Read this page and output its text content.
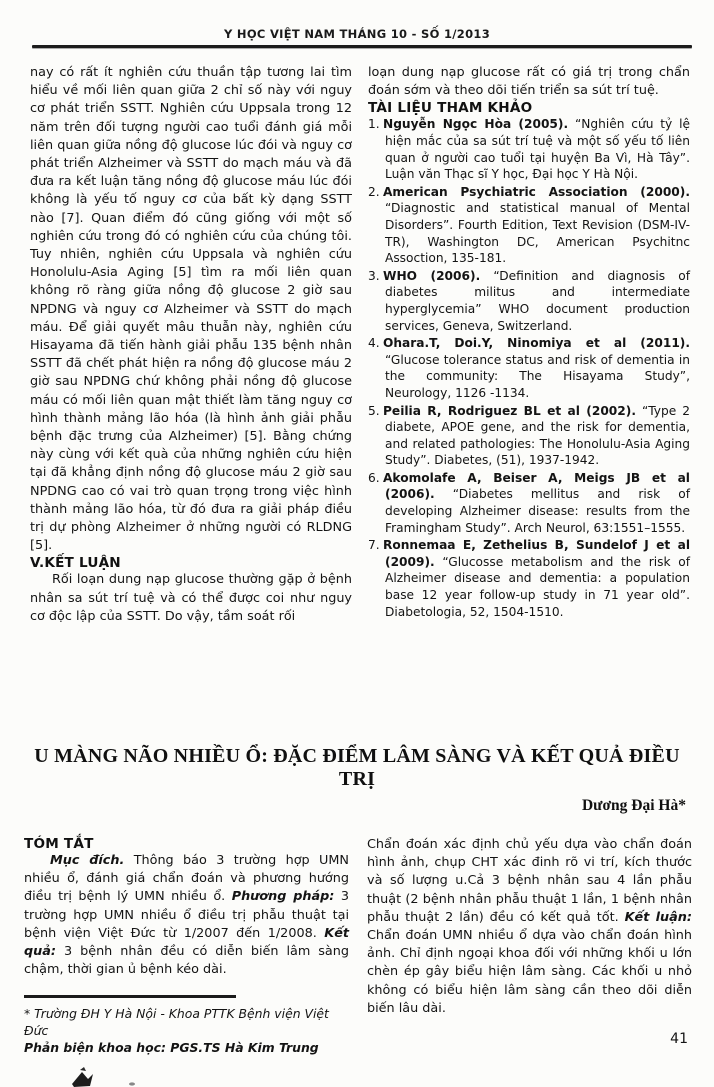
Y HỌC VIỆT NAM THÁNG 10 - SỐ 1/2013

nay có rất ít nghiên cứu thuần tập tương lai tìm hiểu về mối liên quan giữa 2 chỉ số này với nguy cơ phát triển SSTT. Nghiên cứu Uppsala trong 12 năm trên đối tượng người cao tuổi đánh giá mỗi liên quan giữa nồng độ glucose lúc đói và nguy cơ phát triển Alzheimer và SSTT do mạch máu và đã đưa ra kết luận tăng nồng độ glucose máu lúc đói không là yếu tố nguy cơ của bất kỳ dạng SSTT nào [7]. Quan điểm đó cũng giống với một số nghiên cứu trong đó có nghiên cứu của chúng tôi. Tuy nhiên, nghiên cứu Uppsala và nghiên cứu Honolulu-Asia Aging [5] tìm ra mối liên quan không rõ ràng giữa nồng độ glucose 2 giờ sau NPDNG và nguy cơ Alzheimer và SSTT do mạch máu. Để giải quyết mâu thuẫn này, nghiên cứu Hisayama đã tiến hành giải phẫu 135 bệnh nhân SSTT đã chết phát hiện ra nồng độ glucose máu 2 giờ sau NPDNG chứ không phải nồng độ glucose máu có mối liên quan mật thiết làm tăng nguy cơ hình thành mảng lão hóa (là hình ảnh giải phẫu bệnh đặc trưng của Alzheimer) [5]. Bằng chứng này cùng với kết quà của những nghiên cứu hiện tại đã khẳng định nồng độ glucose máu 2 giờ sau NPDNG cao có vai trò quan trọng trong việc hình thành mảng lão hóa, từ đó đưa ra giải pháp điều trị dự phòng Alzheimer ở những người có RLDNG [5].

V.KẾT LUẬN

Rối loạn dung nạp glucose thường gặp ở bệnh nhân sa sút trí tuệ và có thể được coi như nguy cơ độc lập của SSTT. Do vậy, tầm soát rối

loạn dung nạp glucose rất có giá trị trong chẩn đoán sớm và theo dõi tiến triển sa sút trí tuệ.

TÀI LIỆU THAM KHẢO
1. Nguyễn Ngọc Hòa (2005). “Nghiên cứu tỷ lệ hiện mắc của sa sút trí tuệ và một số yếu tố liên quan ở người cao tuổi tại huyện Ba Vì, Hà Tây”. Luận văn Thạc sĩ Y học, Đại học Y Hà Nội.
2. American Psychiatric Association (2000). “Diagnostic and statistical manual of Mental Disorders”. Fourth Edition, Text Revision (DSM-IV-TR), Washington DC, American Psychitnc Assoction, 135-181.
3. WHO (2006). “Definition and diagnosis of diabetes militus and intermediate hyperglycemia” WHO document production services, Geneva, Switzerland.
4. Ohara.T, Doi.Y, Ninomiya et al (2011). “Glucose tolerance status and risk of dementia in the community: The Hisayama Study”, Neurology, 1126 -1134.
5. Peilia R, Rodriguez BL et al (2002). “Type 2 diabete, APOE gene, and the risk for dementia, and related pathologies: The Honolulu-Asia Aging Study”. Diabetes, (51), 1937-1942.
6. Akomolafe A, Beiser A, Meigs JB et al (2006). “Diabetes mellitus and risk of developing Alzheimer disease: results from the Framingham Study”. Arch Neurol, 63:1551–1555.
7. Ronnemaa E, Zethelius B, Sundelof J et al (2009). “Glucosse metabolism and the risk of Alzheimer disease and dementia: a population base 12 year follow-up study in 71 year old”. Diabetologia, 52, 1504-1510.
U MÀNG NÃO NHIỀU Ổ: ĐẶC ĐIỂM LÂM SÀNG VÀ KẾT QUẢ ĐIỀU TRỊ
Dương Đại Hà*
TÓM TẮT

Mục đích. Thông báo 3 trường hợp UMN nhiều ổ, đánh giá chẩn đoán và phương hướng điều trị bệnh lý UMN nhiều ổ. Phương pháp: 3 trường hợp UMN nhiều ổ điều trị phẫu thuật tại bệnh viện Việt Đức từ 1/2007 đến 1/2008. Kết quả: 3 bệnh nhân đều có diễn biến lâm sàng chậm, thời gian ủ bệnh kéo dài.

* Trường ĐH Y Hà Nội - Khoa PTTK Bệnh viện Việt Đức
Phản biện khoa học: PGS.TS Hà Kim Trung

Chẩn đoán xác định chủ yếu dựa vào chẩn đoán hình ảnh, chụp CHT xác đinh rõ vi trí, kích thước và số lượng u.Cả 3 bệnh nhân sau 4 lần phẫu thuật (2 bệnh nhân phẫu thuật 1 lần, 1 bệnh nhân phẫu thuật 2 lần) đều có kết quả tốt. Kết luận: Chẩn đoán UMN nhiều ổ dựa vào chẩn đoán hình ảnh. Chỉ định ngoại khoa đối với những khối u lớn chèn ép gây biểu hiện lâm sàng. Các khối u nhỏ không có biểu hiện lâm sàng cần theo dõi diễn biến lâu dài.

41
